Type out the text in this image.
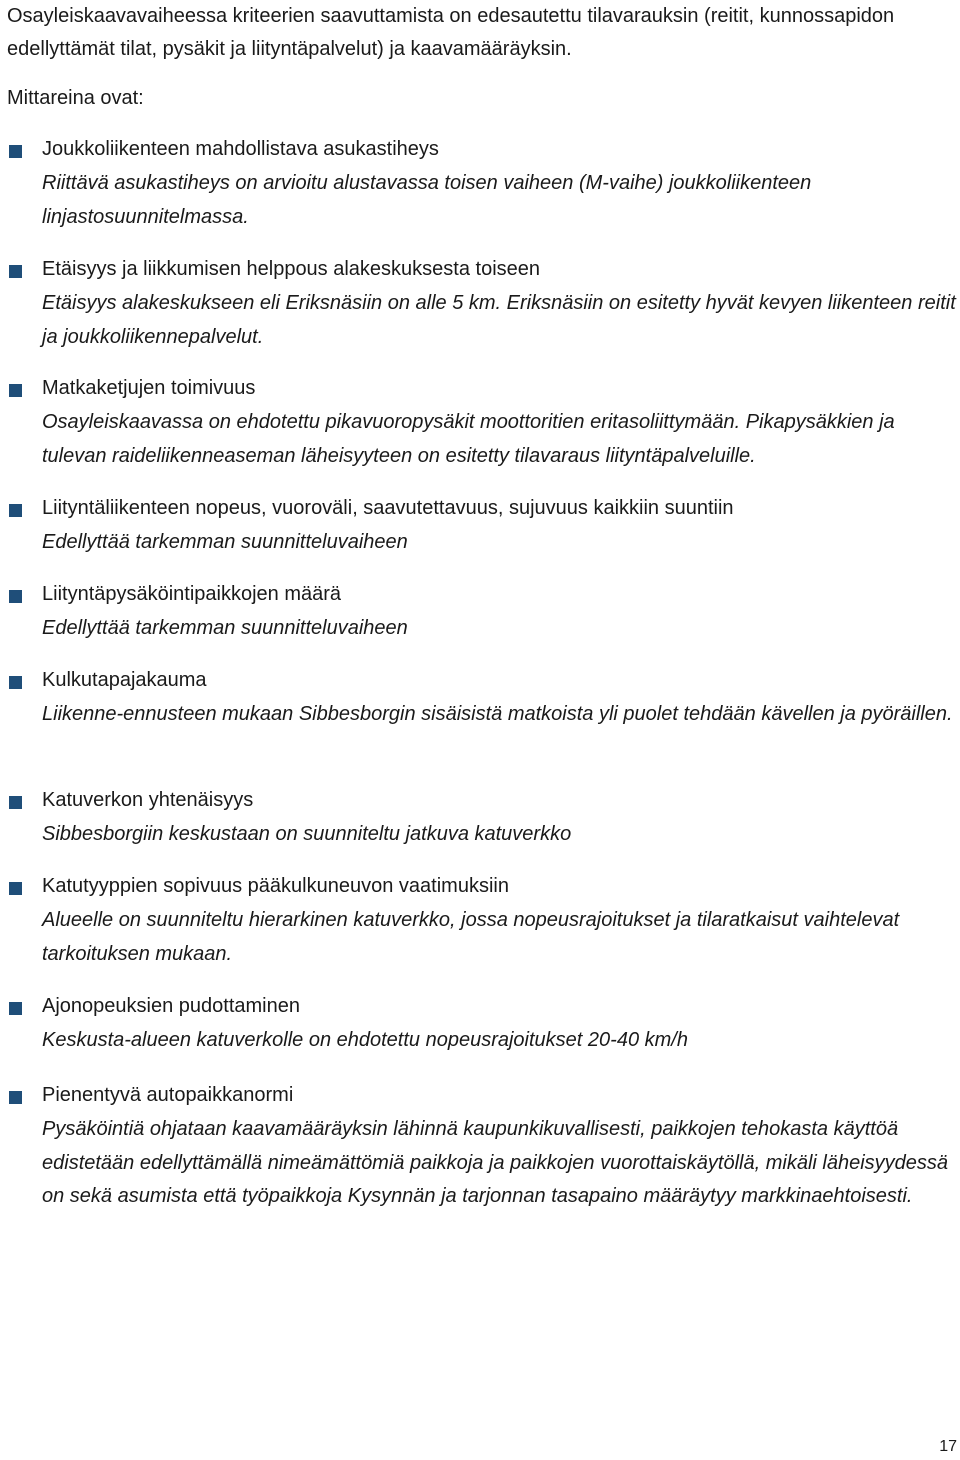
Osayleiskaavavaiheessa kriteerien saavuttamista on edesautettu tilavarauksin (reitit, kunnossapidon edellyttämät tilat, pysäkit ja liityntäpalvelut) ja kaavamääräyksin.

Mittareina ovat:

Joukkoliikenteen mahdollistava asukastiheys

Riittävä asukastiheys on arvioitu alustavassa toisen vaiheen (M-vaihe) joukkoliikenteen linjastosuunnitelmassa.

Etäisyys ja liikkumisen helppous alakeskuksesta toiseen

Etäisyys alakeskukseen eli Eriksnäsiin on alle 5 km. Eriksnäsiin on esitetty hyvät kevyen liikenteen reitit ja joukkoliikennepalvelut.

Matkaketjujen toimivuus

Osayleiskaavassa on ehdotettu pikavuoropysäkit moottoritien eritasoliittymään. Pikapysäkkien ja tulevan raideliikenneaseman läheisyyteen on esitetty tilavaraus liityntäpalveluille.

Liityntäliikenteen nopeus, vuoroväli, saavutettavuus, sujuvuus kaikkiin suuntiin

Edellyttää tarkemman suunnitteluvaiheen

Liityntäpysäköintipaikkojen määrä

Edellyttää tarkemman suunnitteluvaiheen

Kulkutapajakauma

Liikenne-ennusteen mukaan Sibbesborgin sisäisistä matkoista yli puolet tehdään kävellen ja pyöräillen.

Katuverkon yhtenäisyys

Sibbesborgiin keskustaan on suunniteltu jatkuva katuverkko

Katutyyppien sopivuus pääkulkuneuvon vaatimuksiin

Alueelle on suunniteltu hierarkinen katuverkko, jossa nopeusrajoitukset ja tilaratkaisut vaihtelevat tarkoituksen mukaan.

Ajonopeuksien pudottaminen

Keskusta-alueen katuverkolle on ehdotettu nopeusrajoitukset 20-40 km/h

Pienentyvä autopaikkanormi

Pysäköintiä ohjataan kaavamääräyksin lähinnä kaupunkikuvallisesti, paikkojen tehokasta käyttöä edistetään edellyttämällä nimeämättömiä paikkoja ja paikkojen vuorottaiskäytöllä, mikäli läheisyydessä on sekä asumista että työpaikkoja Kysynnän ja tarjonnan tasapaino määräytyy markkinaehtoisesti.

17
